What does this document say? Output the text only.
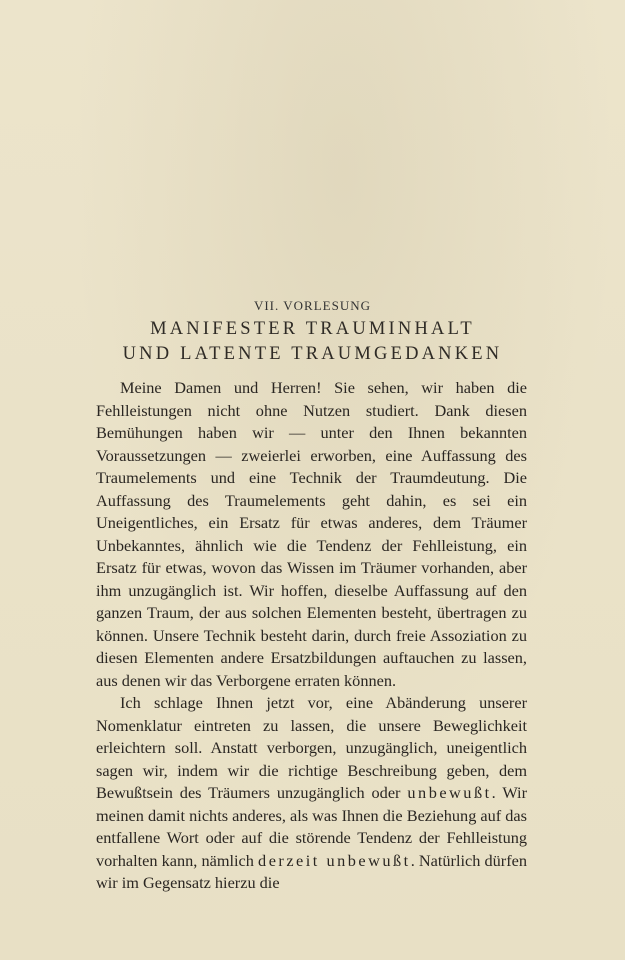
VII. VORLESUNG
MANIFESTER TRAUMINHALT
UND LATENTE TRAUMGEDANKEN

Meine Damen und Herren! Sie sehen, wir haben die Fehlleistungen nicht ohne Nutzen studiert. Dank diesen Bemühungen haben wir — unter den Ihnen bekannten Voraussetzungen — zweierlei erworben, eine Auffassung des Traumelements und eine Technik der Traumdeutung. Die Auffassung des Traumelements geht dahin, es sei ein Uneigentliches, ein Ersatz für etwas anderes, dem Träumer Unbekanntes, ähnlich wie die Tendenz der Fehlleistung, ein Ersatz für etwas, wovon das Wissen im Träumer vorhanden, aber ihm unzugänglich ist. Wir hoffen, dieselbe Auffassung auf den ganzen Traum, der aus solchen Elementen besteht, übertragen zu können. Unsere Technik besteht darin, durch freie Assoziation zu diesen Elementen andere Ersatzbildungen auftauchen zu lassen, aus denen wir das Verborgene erraten können.

Ich schlage Ihnen jetzt vor, eine Abänderung unserer Nomenklatur eintreten zu lassen, die unsere Beweglichkeit erleichtern soll. Anstatt verborgen, unzugänglich, uneigentlich sagen wir, indem wir die richtige Beschreibung geben, dem Bewußtsein des Träumers unzugänglich oder unbewußt. Wir meinen damit nichts anderes, als was Ihnen die Beziehung auf das entfallene Wort oder auf die störende Tendenz der Fehlleistung vorhalten kann, nämlich derzeit unbewußt. Natürlich dürfen wir im Gegensatz hierzu die
